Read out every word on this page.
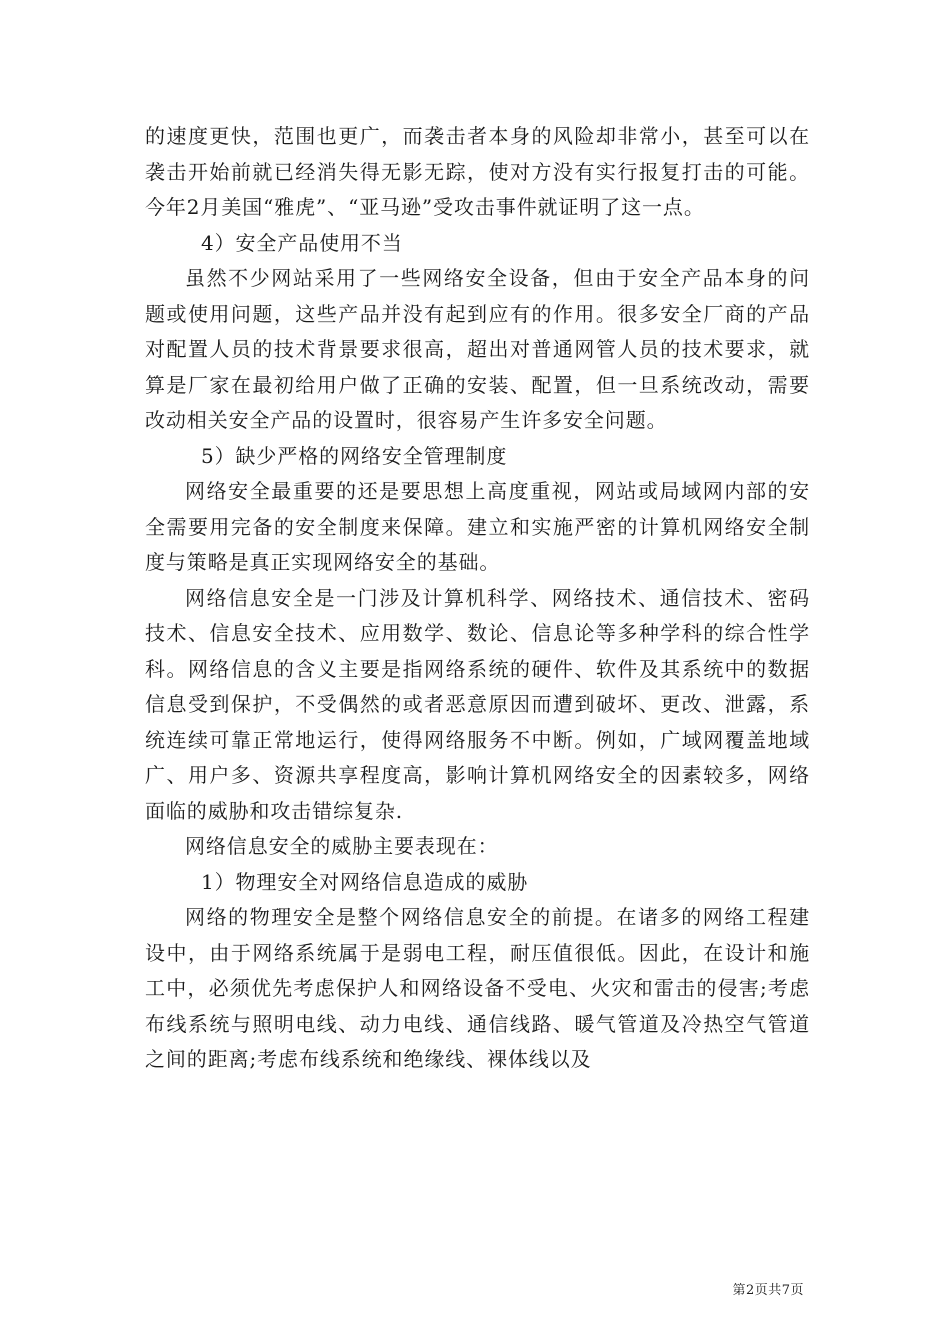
的速度更快，范围也更广，而袭击者本身的风险却非常小，甚至可以在袭击开始前就已经消失得无影无踪，使对方没有实行报复打击的可能。今年2月美国“雅虎”、“亚马逊”受攻击事件就证明了这一点。

4）安全产品使用不当

虽然不少网站采用了一些网络安全设备，但由于安全产品本身的问题或使用问题，这些产品并没有起到应有的作用。很多安全厂商的产品对配置人员的技术背景要求很高，超出对普通网管人员的技术要求，就算是厂家在最初给用户做了正确的安装、配置，但一旦系统改动，需要改动相关安全产品的设置时，很容易产生许多安全问题。

5）缺少严格的网络安全管理制度

网络安全最重要的还是要思想上高度重视，网站或局域网内部的安全需要用完备的安全制度来保障。建立和实施严密的计算机网络安全制度与策略是真正实现网络安全的基础。

网络信息安全是一门涉及计算机科学、网络技术、通信技术、密码技术、信息安全技术、应用数学、数论、信息论等多种学科的综合性学科。网络信息的含义主要是指网络系统的硬件、软件及其系统中的数据信息受到保护，不受偶然的或者恶意原因而遭到破坏、更改、泄露，系统连续可靠正常地运行，使得网络服务不中断。例如，广域网覆盖地域广、用户多、资源共享程度高，影响计算机网络安全的因素较多，网络面临的威胁和攻击错综复杂.

网络信息安全的威胁主要表现在：

1）物理安全对网络信息造成的威胁

网络的物理安全是整个网络信息安全的前提。在诸多的网络工程建设中，由于网络系统属于是弱电工程，耐压值很低。因此，在设计和施工中，必须优先考虑保护人和网络设备不受电、火灾和雷击的侵害;考虑布线系统与照明电线、动力电线、通信线路、暖气管道及冷热空气管道之间的距离;考虑布线系统和绝缘线、裸体线以及

第2页共7页
